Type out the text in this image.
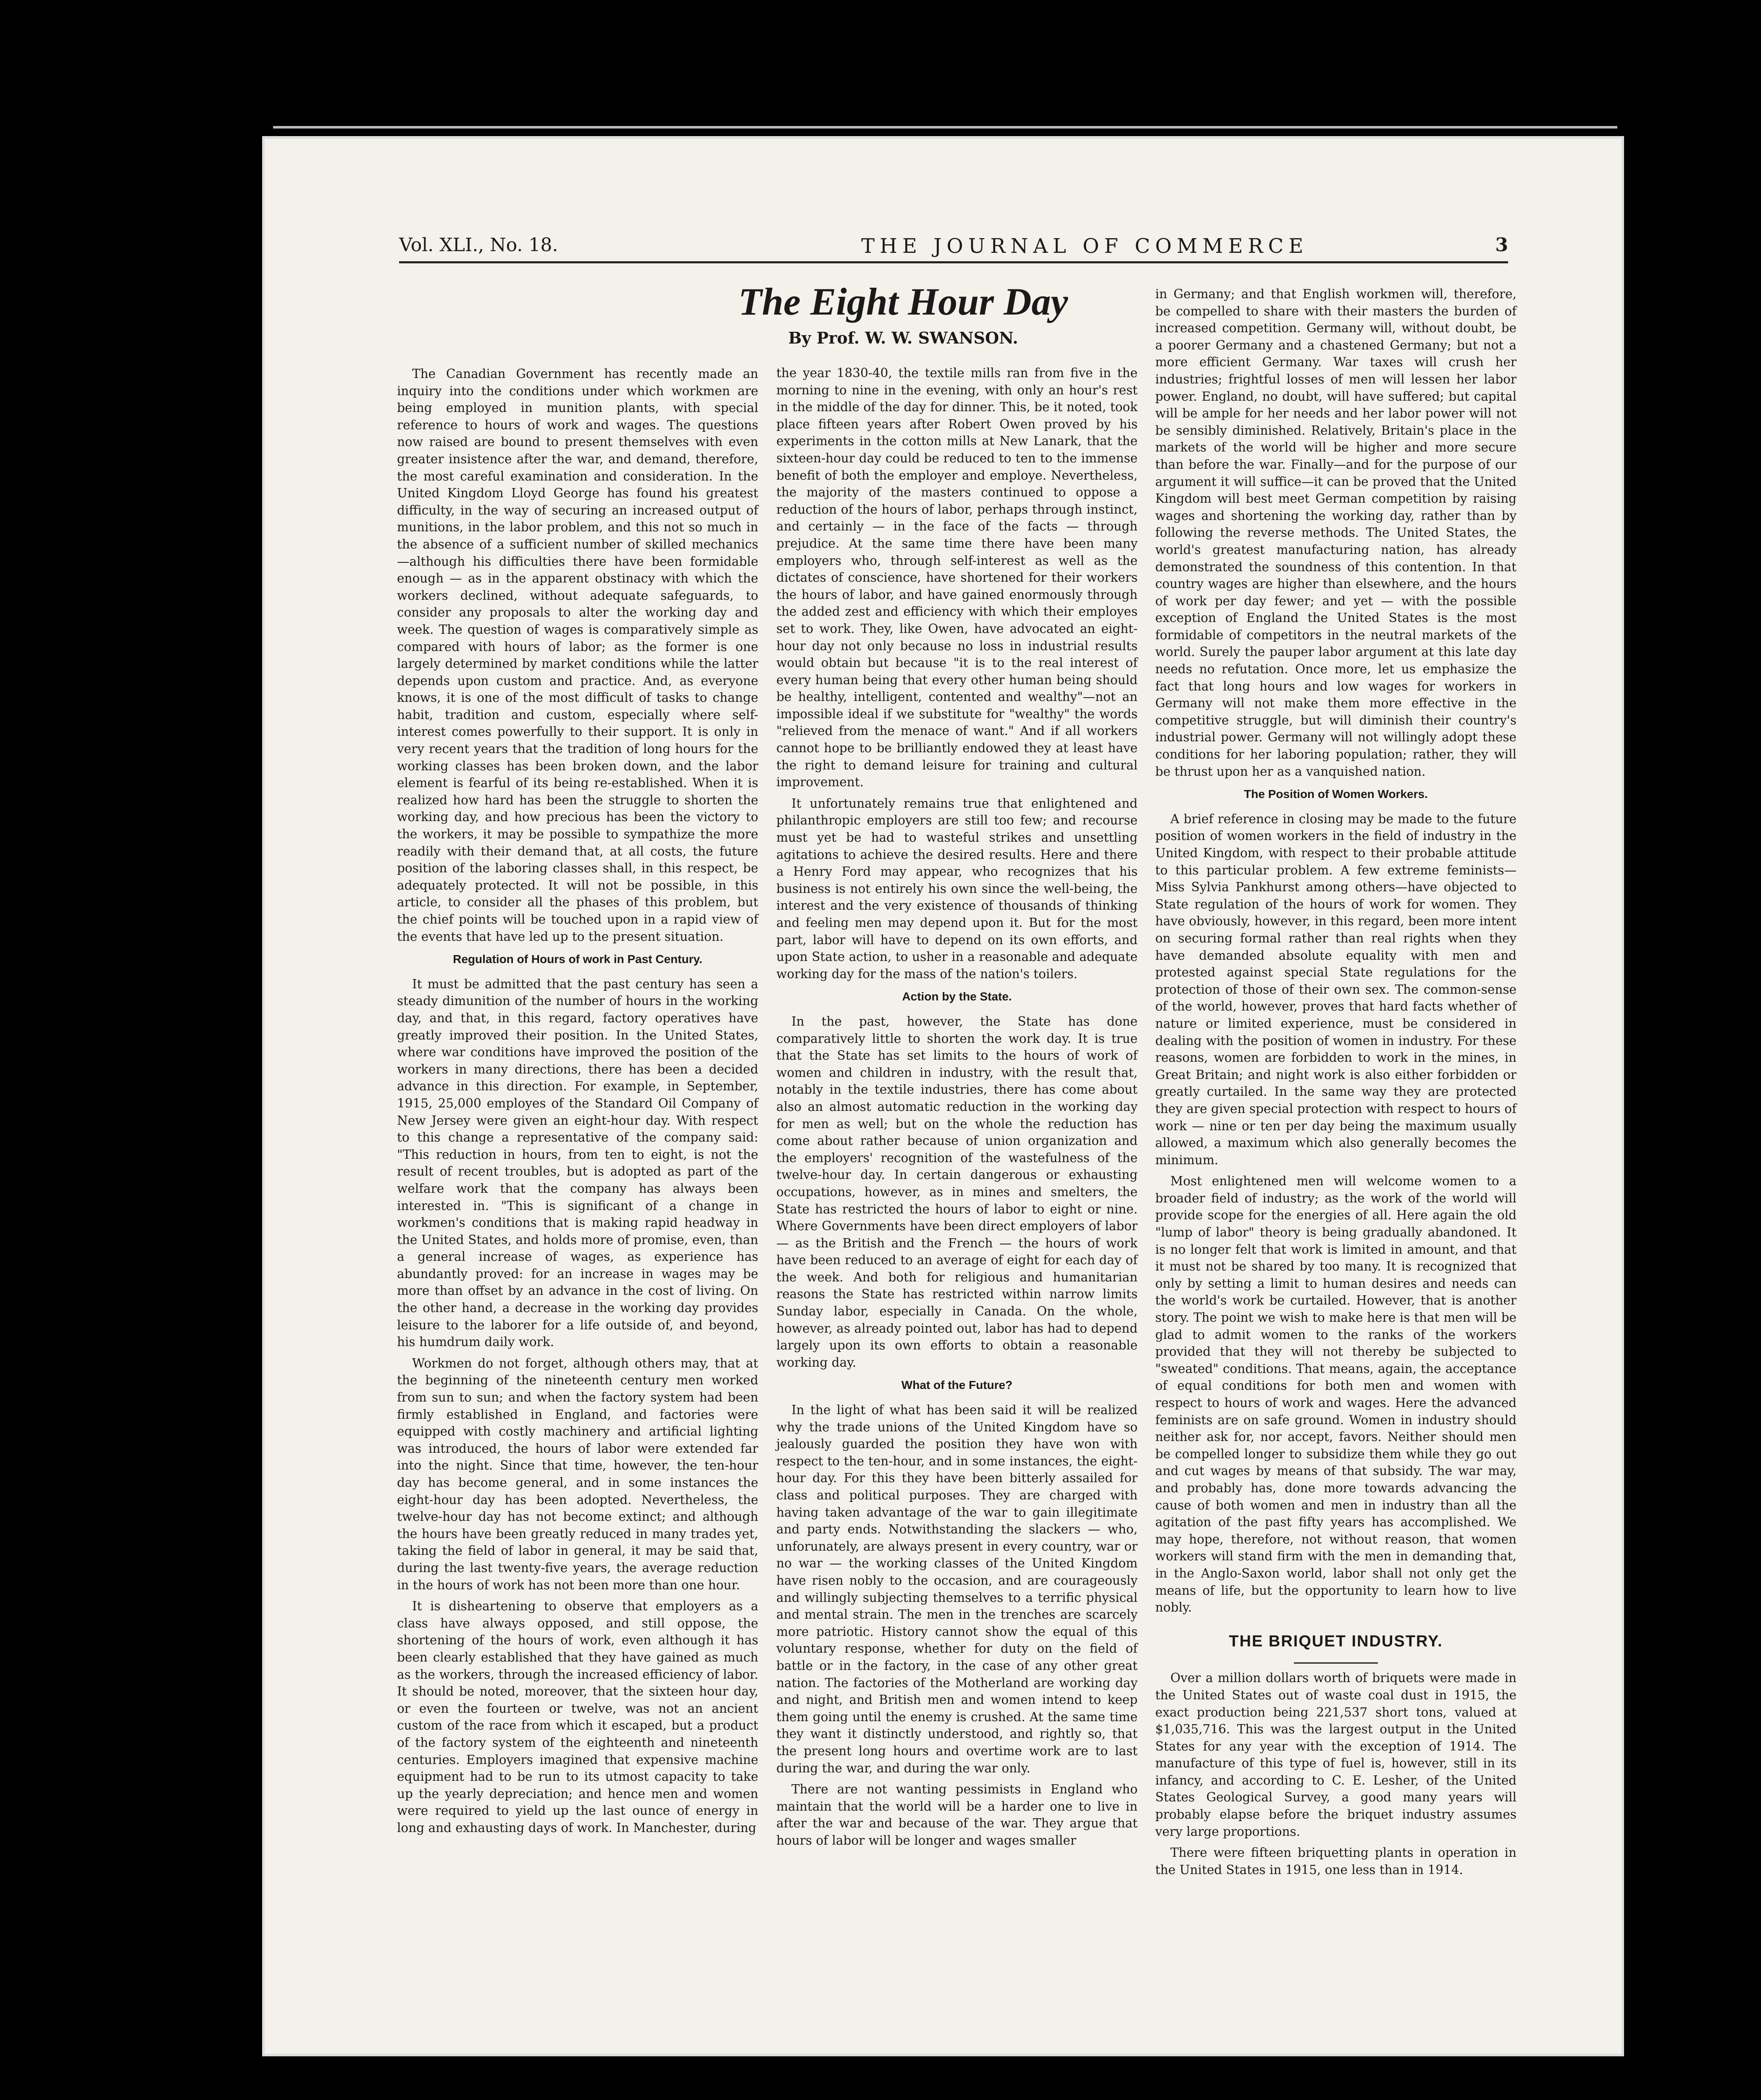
Vol. XLI., No. 18.	THE JOURNAL OF COMMERCE	3
The Eight Hour Day
By Prof. W. W. SWANSON.

The Canadian Government has recently made an inquiry into the conditions under which workmen are being employed in munition plants, with special reference to hours of work and wages. The questions now raised are bound to present themselves with even greater insistence after the war, and demand, therefore, the most careful examination and consideration. In the United Kingdom Lloyd George has found his greatest difficulty, in the way of securing an increased output of munitions, in the labor problem, and this not so much in the absence of a sufficient number of skilled mechanics—although his difficulties there have been formidable enough — as in the apparent obstinacy with which the workers declined, without adequate safeguards, to consider any proposals to alter the working day and week. The question of wages is comparatively simple as compared with hours of labor; as the former is one largely determined by market conditions while the latter depends upon custom and practice. And, as everyone knows, it is one of the most difficult of tasks to change habit, tradition and custom, especially where self-interest comes powerfully to their support. It is only in very recent years that the tradition of long hours for the working classes has been broken down, and the labor element is fearful of its being re-established. When it is realized how hard has been the struggle to shorten the working day, and how precious has been the victory to the workers, it may be possible to sympathize the more readily with their demand that, at all costs, the future position of the laboring classes shall, in this respect, be adequately protected. It will not be possible, in this article, to consider all the phases of this problem, but the chief points will be touched upon in a rapid view of the events that have led up to the present situation.

Regulation of Hours of work in Past Century.

It must be admitted that the past century has seen a steady dimunition of the number of hours in the working day, and that, in this regard, factory operatives have greatly improved their position. In the United States, where war conditions have improved the position of the workers in many directions, there has been a decided advance in this direction. For example, in September, 1915, 25,000 employes of the Standard Oil Company of New Jersey were given an eight-hour day. With respect to this change a representative of the company said: "This reduction in hours, from ten to eight, is not the result of recent troubles, but is adopted as part of the welfare work that the company has always been interested in. "This is significant of a change in workmen's conditions that is making rapid headway in the United States, and holds more of promise, even, than a general increase of wages, as experience has abundantly proved: for an increase in wages may be more than offset by an advance in the cost of living. On the other hand, a decrease in the working day provides leisure to the laborer for a life outside of, and beyond, his humdrum daily work.

Workmen do not forget, although others may, that at the beginning of the nineteenth century men worked from sun to sun; and when the factory system had been firmly established in England, and factories were equipped with costly machinery and artificial lighting was introduced, the hours of labor were extended far into the night. Since that time, however, the ten-hour day has become general, and in some instances the eight-hour day has been adopted. Nevertheless, the twelve-hour day has not become extinct; and although the hours have been greatly reduced in many trades yet, taking the field of labor in general, it may be said that, during the last twenty-five years, the average reduction in the hours of work has not been more than one hour.

It is disheartening to observe that employers as a class have always opposed, and still oppose, the shortening of the hours of work, even although it has been clearly established that they have gained as much as the workers, through the increased efficiency of labor. It should be noted, moreover, that the sixteen hour day, or even the fourteen or twelve, was not an ancient custom of the race from which it escaped, but a product of the factory system of the eighteenth and nineteenth centuries. Employers imagined that expensive machine equipment had to be run to its utmost capacity to take up the yearly depreciation; and hence men and women were required to yield up the last ounce of energy in long and exhausting days of work. In Manchester, during

the year 1830-40, the textile mills ran from five in the morning to nine in the evening, with only an hour's rest in the middle of the day for dinner. This, be it noted, took place fifteen years after Robert Owen proved by his experiments in the cotton mills at New Lanark, that the sixteen-hour day could be reduced to ten to the immense benefit of both the employer and employe. Nevertheless, the majority of the masters continued to oppose a reduction of the hours of labor, perhaps through instinct, and certainly — in the face of the facts — through prejudice. At the same time there have been many employers who, through self-interest as well as the dictates of conscience, have shortened for their workers the hours of labor, and have gained enormously through the added zest and efficiency with which their employes set to work. They, like Owen, have advocated an eight-hour day not only because no loss in industrial results would obtain but because "it is to the real interest of every human being that every other human being should be healthy, intelligent, contented and wealthy"—not an impossible ideal if we substitute for "wealthy" the words "relieved from the menace of want." And if all workers cannot hope to be brilliantly endowed they at least have the right to demand leisure for training and cultural improvement.

It unfortunately remains true that enlightened and philanthropic employers are still too few; and recourse must yet be had to wasteful strikes and unsettling agitations to achieve the desired results. Here and there a Henry Ford may appear, who recognizes that his business is not entirely his own since the well-being, the interest and the very existence of thousands of thinking and feeling men may depend upon it. But for the most part, labor will have to depend on its own efforts, and upon State action, to usher in a reasonable and adequate working day for the mass of the nation's toilers.

Action by the State.

In the past, however, the State has done comparatively little to shorten the work day. It is true that the State has set limits to the hours of work of women and children in industry, with the result that, notably in the textile industries, there has come about also an almost automatic reduction in the working day for men as well; but on the whole the reduction has come about rather because of union organization and the employers' recognition of the wastefulness of the twelve-hour day. In certain dangerous or exhausting occupations, however, as in mines and smelters, the State has restricted the hours of labor to eight or nine. Where Governments have been direct employers of labor — as the British and the French — the hours of work have been reduced to an average of eight for each day of the week. And both for religious and humanitarian reasons the State has restricted within narrow limits Sunday labor, especially in Canada. On the whole, however, as already pointed out, labor has had to depend largely upon its own efforts to obtain a reasonable working day.

What of the Future?

In the light of what has been said it will be realized why the trade unions of the United Kingdom have so jealously guarded the position they have won with respect to the ten-hour, and in some instances, the eight-hour day. For this they have been bitterly assailed for class and political purposes. They are charged with having taken advantage of the war to gain illegitimate and party ends. Notwithstanding the slackers — who, unforunately, are always present in every country, war or no war — the working classes of the United Kingdom have risen nobly to the occasion, and are courageously and willingly subjecting themselves to a terrific physical and mental strain. The men in the trenches are scarcely more patriotic. History cannot show the equal of this voluntary response, whether for duty on the field of battle or in the factory, in the case of any other great nation. The factories of the Motherland are working day and night, and British men and women intend to keep them going until the enemy is crushed. At the same time they want it distinctly understood, and rightly so, that the present long hours and overtime work are to last during the war, and during the war only.

There are not wanting pessimists in England who maintain that the world will be a harder one to live in after the war and because of the war. They argue that hours of labor will be longer and wages smaller

in Germany; and that English workmen will, therefore, be compelled to share with their masters the burden of increased competition. Germany will, without doubt, be a poorer Germany and a chastened Germany; but not a more efficient Germany. War taxes will crush her industries; frightful losses of men will lessen her labor power. England, no doubt, will have suffered; but capital will be ample for her needs and her labor power will not be sensibly diminished. Relatively, Britain's place in the markets of the world will be higher and more secure than before the war. Finally—and for the purpose of our argument it will suffice—it can be proved that the United Kingdom will best meet German competition by raising wages and shortening the working day, rather than by following the reverse methods. The United States, the world's greatest manufacturing nation, has already demonstrated the soundness of this contention. In that country wages are higher than elsewhere, and the hours of work per day fewer; and yet — with the possible exception of England the United States is the most formidable of competitors in the neutral markets of the world. Surely the pauper labor argument at this late day needs no refutation. Once more, let us emphasize the fact that long hours and low wages for workers in Germany will not make them more effective in the competitive struggle, but will diminish their country's industrial power. Germany will not willingly adopt these conditions for her laboring population; rather, they will be thrust upon her as a vanquished nation.

The Position of Women Workers.

A brief reference in closing may be made to the future position of women workers in the field of industry in the United Kingdom, with respect to their probable attitude to this particular problem. A few extreme feminists—Miss Sylvia Pankhurst among others—have objected to State regulation of the hours of work for women. They have obviously, however, in this regard, been more intent on securing formal rather than real rights when they have demanded absolute equality with men and protested against special State regulations for the protection of those of their own sex. The common-sense of the world, however, proves that hard facts whether of nature or limited experience, must be considered in dealing with the position of women in industry. For these reasons, women are forbidden to work in the mines, in Great Britain; and night work is also either forbidden or greatly curtailed. In the same way they are protected they are given special protection with respect to hours of work — nine or ten per day being the maximum usually allowed, a maximum which also generally becomes the minimum.

Most enlightened men will welcome women to a broader field of industry; as the work of the world will provide scope for the energies of all. Here again the old "lump of labor" theory is being gradually abandoned. It is no longer felt that work is limited in amount, and that it must not be shared by too many. It is recognized that only by setting a limit to human desires and needs can the world's work be curtailed. However, that is another story. The point we wish to make here is that men will be glad to admit women to the ranks of the workers provided that they will not thereby be subjected to "sweated" conditions. That means, again, the acceptance of equal conditions for both men and women with respect to hours of work and wages. Here the advanced feminists are on safe ground. Women in industry should neither ask for, nor accept, favors. Neither should men be compelled longer to subsidize them while they go out and cut wages by means of that subsidy. The war may, and probably has, done more towards advancing the cause of both women and men in industry than all the agitation of the past fifty years has accomplished. We may hope, therefore, not without reason, that women workers will stand firm with the men in demanding that, in the Anglo-Saxon world, labor shall not only get the means of life, but the opportunity to learn how to live nobly.

THE BRIQUET INDUSTRY.

Over a million dollars worth of briquets were made in the United States out of waste coal dust in 1915, the exact production being 221,537 short tons, valued at $1,035,716. This was the largest output in the United States for any year with the exception of 1914. The manufacture of this type of fuel is, however, still in its infancy, and according to C. E. Lesher, of the United States Geological Survey, a good many years will probably elapse before the briquet industry assumes very large proportions.

There were fifteen briquetting plants in operation in the United States in 1915, one less than in 1914.
